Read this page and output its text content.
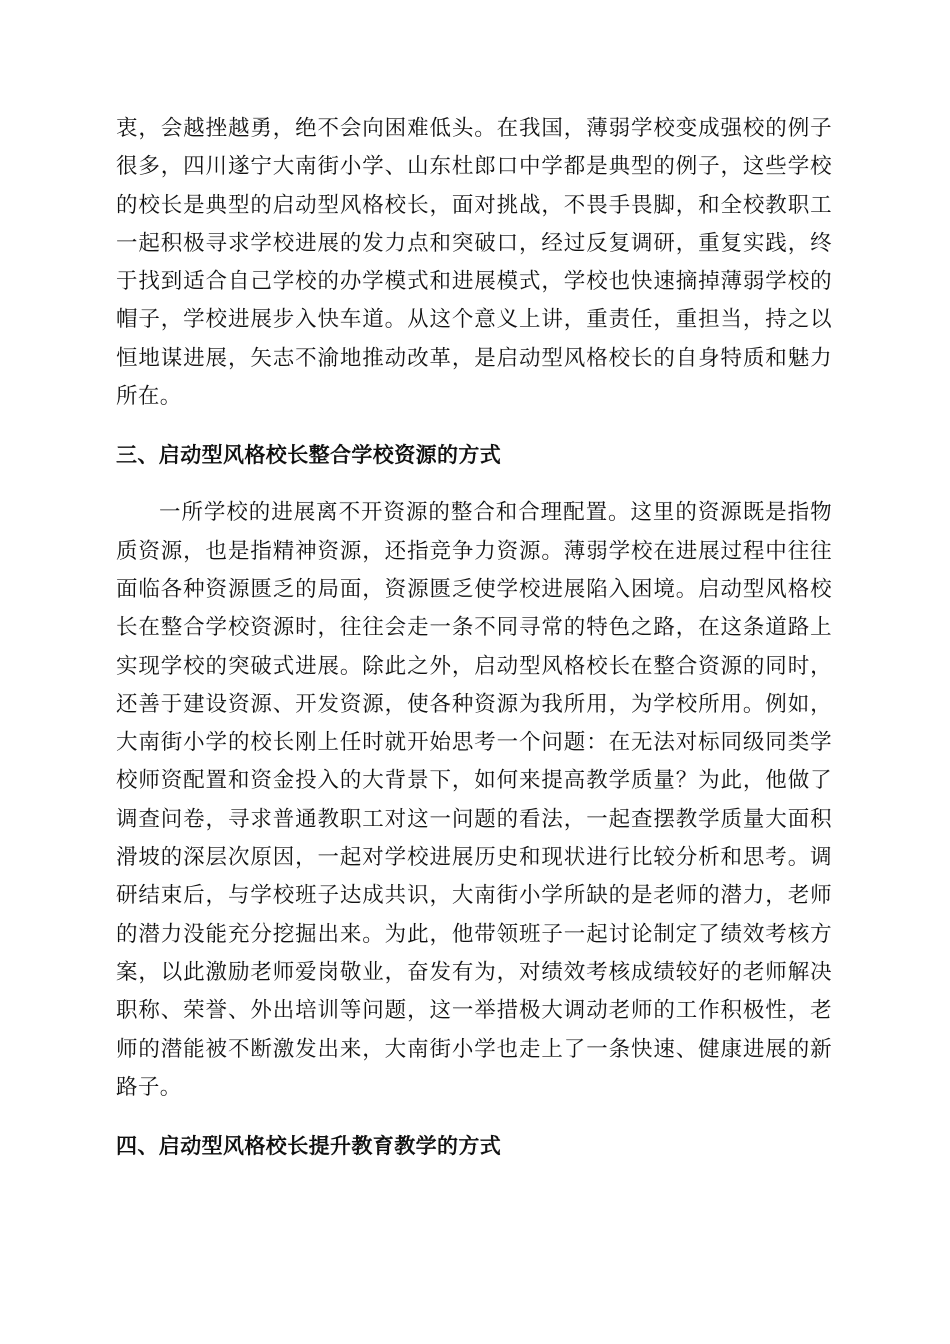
衷，会越挫越勇，绝不会向困难低头。在我国，薄弱学校变成强校的例子很多，四川遂宁大南街小学、山东杜郎口中学都是典型的例子，这些学校的校长是典型的启动型风格校长，面对挑战，不畏手畏脚，和全校教职工一起积极寻求学校进展的发力点和突破口，经过反复调研，重复实践，终于找到适合自己学校的办学模式和进展模式，学校也快速摘掉薄弱学校的帽子，学校进展步入快车道。从这个意义上讲，重责任，重担当，持之以恒地谋进展，矢志不渝地推动改革，是启动型风格校长的自身特质和魅力所在。

三、启动型风格校长整合学校资源的方式

一所学校的进展离不开资源的整合和合理配置。这里的资源既是指物质资源，也是指精神资源，还指竞争力资源。薄弱学校在进展过程中往往面临各种资源匮乏的局面，资源匮乏使学校进展陷入困境。启动型风格校长在整合学校资源时，往往会走一条不同寻常的特色之路，在这条道路上实现学校的突破式进展。除此之外，启动型风格校长在整合资源的同时，还善于建设资源、开发资源，使各种资源为我所用，为学校所用。例如，大南街小学的校长刚上任时就开始思考一个问题：在无法对标同级同类学校师资配置和资金投入的大背景下，如何来提高教学质量？为此，他做了调查问卷，寻求普通教职工对这一问题的看法，一起查摆教学质量大面积滑坡的深层次原因，一起对学校进展历史和现状进行比较分析和思考。调研结束后，与学校班子达成共识，大南街小学所缺的是老师的潜力，老师的潜力没能充分挖掘出来。为此，他带领班子一起讨论制定了绩效考核方案，以此激励老师爱岗敬业，奋发有为，对绩效考核成绩较好的老师解决职称、荣誉、外出培训等问题，这一举措极大调动老师的工作积极性，老师的潜能被不断激发出来，大南街小学也走上了一条快速、健康进展的新路子。

四、启动型风格校长提升教育教学的方式
